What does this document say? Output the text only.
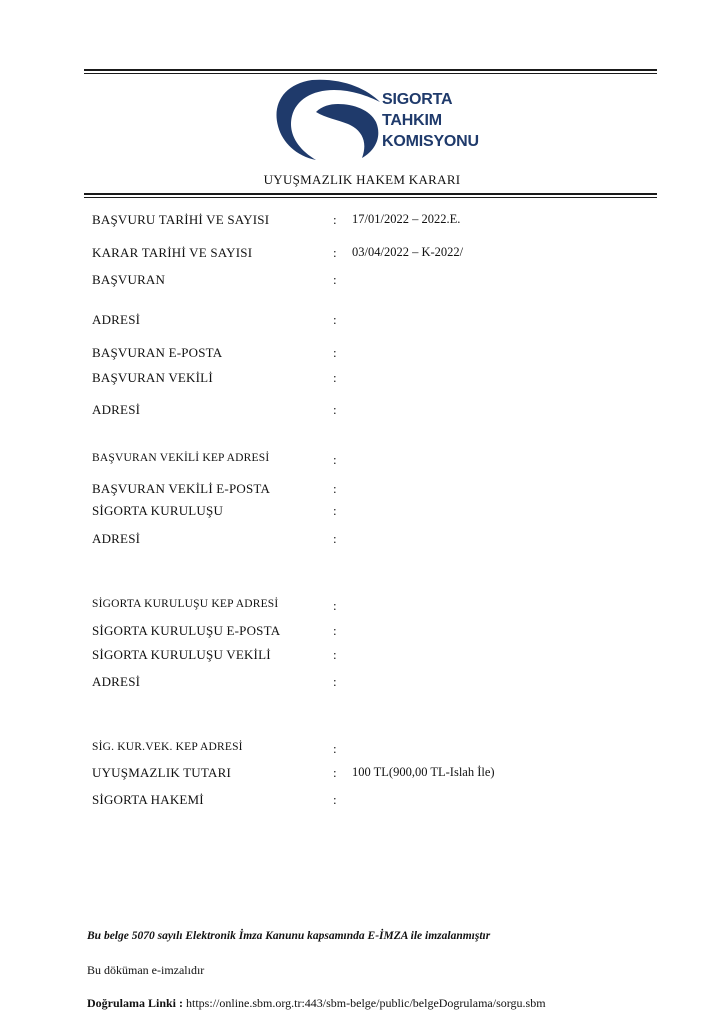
SIGORTA
TAHKIM
KOMISYONU
UYUŞMAZLIK HAKEM KARARI
BAŞVURU TARİHİ VE SAYISI	: 17/01/2022 – 2022.E.
KARAR TARİHİ VE SAYISI	: 03/04/2022 – K-2022/
BAŞVURAN	:
ADRESİ	:
BAŞVURAN E-POSTA	:
BAŞVURAN VEKİLİ	:
ADRESİ	:
BAŞVURAN VEKİLİ KEP ADRESİ	:
BAŞVURAN VEKİLİ E-POSTA	:
SİGORTA KURULUŞU	:
ADRESİ	:
SİGORTA KURULUŞU KEP ADRESİ	:
SİGORTA KURULUŞU E-POSTA	:
SİGORTA KURULUŞU VEKİLİ	:
ADRESİ	:
SİG. KUR.VEK. KEP ADRESİ	:
UYUŞMAZLIK TUTARI	: 100 TL(900,00 TL-Islah İle)
SİGORTA HAKEMİ	:
Bu belge 5070 sayılı Elektronik İmza Kanunu kapsamında E-İMZA ile imzalanmıştır
Bu döküman e-imzalıdır
Doğrulama Linki : https://online.sbm.org.tr:443/sbm-belge/public/belgeDogrulama/sorgu.sbm
